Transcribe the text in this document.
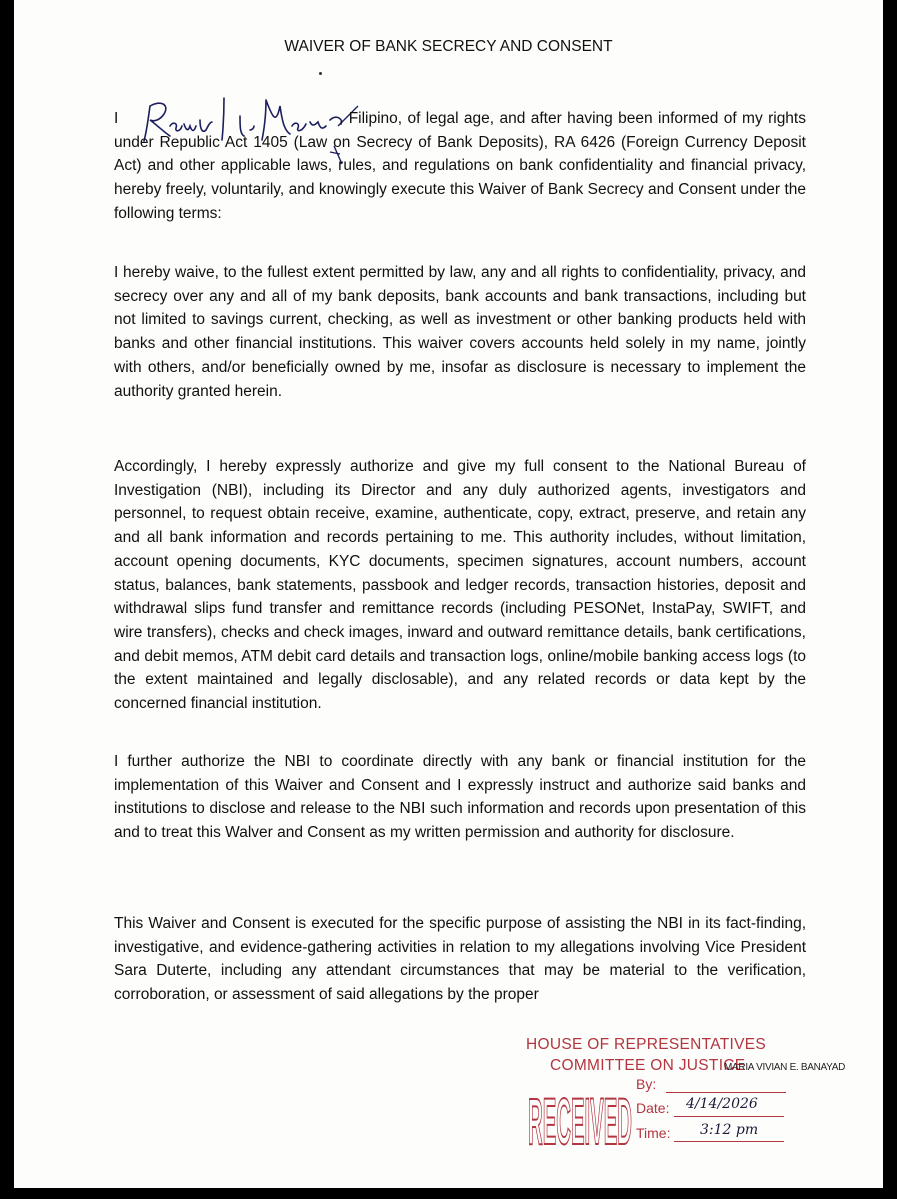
WAIVER OF BANK SECRECY AND CONSENT
I	, Filipino, of legal age, and after having been informed of my rights under Republic Act 1405 (Law on Secrecy of Bank Deposits), RA 6426 (Foreign Currency Deposit Act) and other applicable laws, rules, and regulations on bank confidentiality and financial privacy, hereby freely, voluntarily, and knowingly execute this Waiver of Bank Secrecy and Consent under the following terms:
I hereby waive, to the fullest extent permitted by law, any and all rights to confidentiality, privacy, and secrecy over any and all of my bank deposits, bank accounts and bank transactions, including but not limited to savings current, checking, as well as investment or other banking products held with banks and other financial institutions. This waiver covers accounts held solely in my name, jointly with others, and/or beneficially owned by me, insofar as disclosure is necessary to implement the authority granted herein.
Accordingly, I hereby expressly authorize and give my full consent to the National Bureau of Investigation (NBI), including its Director and any duly authorized agents, investigators and personnel, to request obtain receive, examine, authenticate, copy, extract, preserve, and retain any and all bank information and records pertaining to me. This authority includes, without limitation, account opening documents, KYC documents, specimen signatures, account numbers, account status, balances, bank statements, passbook and ledger records, transaction histories, deposit and withdrawal slips fund transfer and remittance records (including PESONet, InstaPay, SWIFT, and wire transfers), checks and check images, inward and outward remittance details, bank certifications, and debit memos, ATM debit card details and transaction logs, online/mobile banking access logs (to the extent maintained and legally disclosable), and any related records or data kept by the concerned financial institution.
I further authorize the NBI to coordinate directly with any bank or financial institution for the implementation of this Waiver and Consent and I expressly instruct and authorize said banks and institutions to disclose and release to the NBI such information and records upon presentation of this and to treat this Walver and Consent as my written permission and authority for disclosure.
This Waiver and Consent is executed for the specific purpose of assisting the NBI in its fact-finding, investigative, and evidence-gathering activities in relation to my allegations involving Vice President Sara Duterte, including any attendant circumstances that may be material to the verification, corroboration, or assessment of said allegations by the proper
HOUSE OF REPRESENTATIVES
COMMITTEE ON JUSTICE
MARIA VIVIAN E. BANAYAD
RECEIVED By:
Date: 4/14/2026
Time: 3:12 pm
